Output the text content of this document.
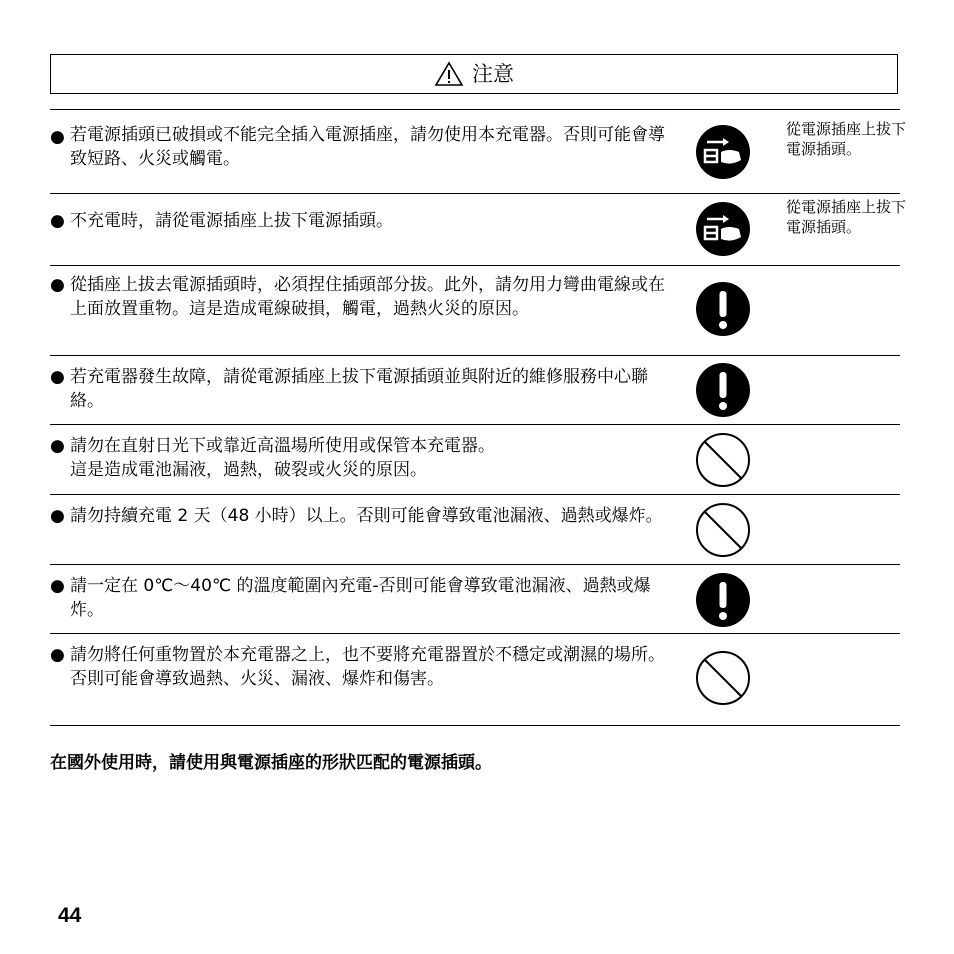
注意
● 若電源插頭已破損或不能完全插入電源插座，請勿使用本充電器。否則可能會導致短路、火災或觸電。
從電源插座上拔下電源插頭。
● 不充電時，請從電源插座上拔下電源插頭。
從電源插座上拔下電源插頭。
● 從插座上拔去電源插頭時，必須捏住插頭部分拔。此外，請勿用力彎曲電線或在上面放置重物。這是造成電線破損，觸電，過熱火災的原因。
● 若充電器發生故障，請從電源插座上拔下電源插頭並與附近的維修服務中心聯絡。
● 請勿在直射日光下或靠近高溫場所使用或保管本充電器。
這是造成電池漏液，過熱，破裂或火災的原因。
● 請勿持續充電 2 天（48 小時）以上。否則可能會導致電池漏液、過熱或爆炸。
● 請一定在 0℃～40℃ 的溫度範圍內充電-否則可能會導致電池漏液、過熱或爆炸。
● 請勿將任何重物置於本充電器之上，也不要將充電器置於不穩定或潮濕的場所。否則可能會導致過熱、火災、漏液、爆炸和傷害。
在國外使用時，請使用與電源插座的形狀匹配的電源插頭。
44
